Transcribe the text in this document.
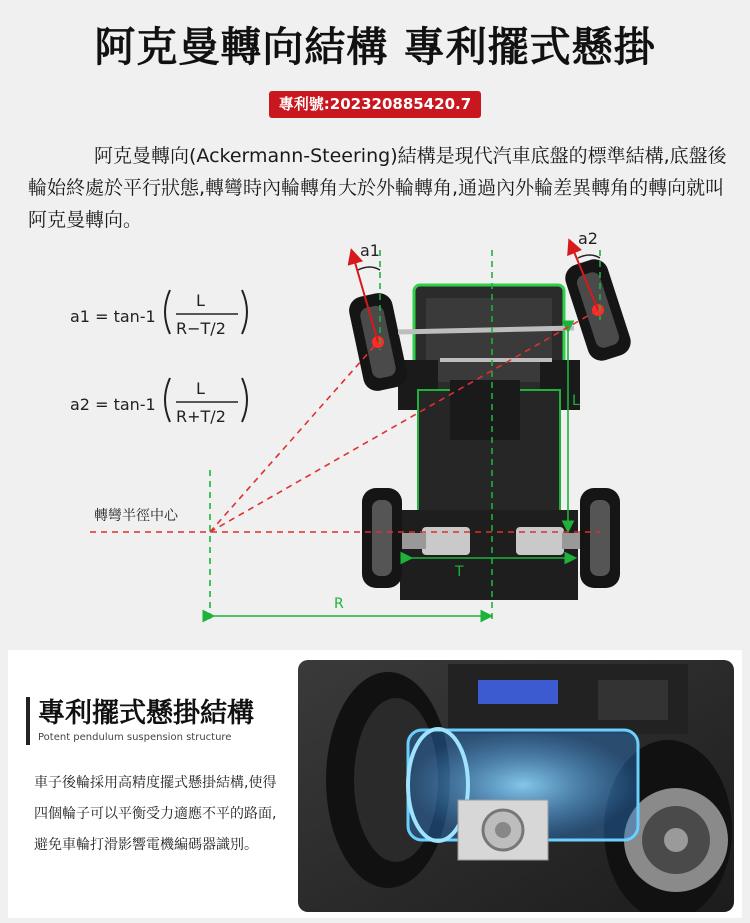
阿克曼轉向結構 專利擺式懸掛
專利號:202320885420.7
阿克曼轉向(Ackermann-Steering)結構是現代汽車底盤的標準結構,底盤後輪始終處於平行狀態,轉彎時內輪轉角大於外輪轉角,通過內外輪差異轉角的轉向就叫阿克曼轉向。
a1 = tan-1
L
R−T/2
a2 = tan-1
L
R+T/2
轉彎半徑中心
L
T
R
a1
a2
專利擺式懸掛結構
Potent pendulum suspension structure
車子後輪採用高精度擺式懸掛結構,使得四個輪子可以平衡受力適應不平的路面,避免車輪打滑影響電機編碼器識別。
